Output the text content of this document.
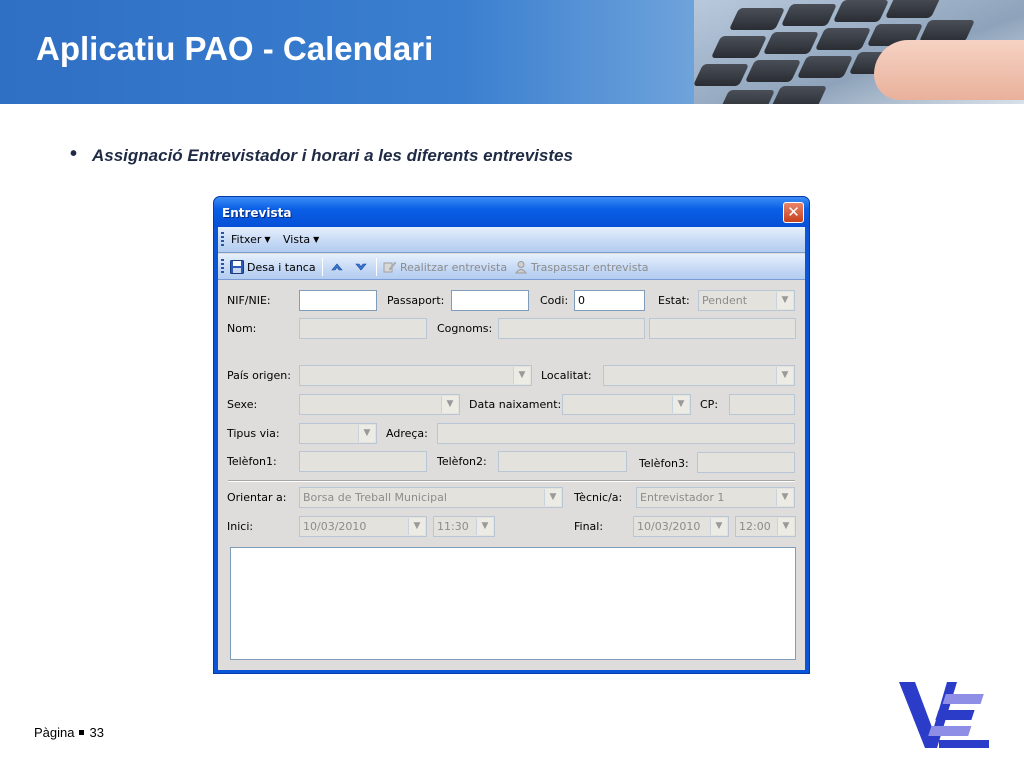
Aplicatiu PAO - Calendari
• Assignació Entrevistador i horari a les diferents entrevistes
Entrevista	✕
Fitxer ▼ Vista ▼
Desa i tanca	Realitzar entrevista	Traspassar entrevista
NIF/NIE:	Passaport:	Codi: 0	Estat:	Pendent	▼
Nom:	Cognoms:
País origen:	▼	Localitat:	▼
Sexe:	▼	Data naixament:	▼	CP:
Tipus via:	▼	Adreça:
Telèfon1:	Telèfon2:	Telèfon3:
Orientar a:	Borsa de Treball Municipal	▼	Tècnic/a:	Entrevistador 1	▼
Inici:	10/03/2010	▼	11:30	▼	Final:	10/03/2010	▼	12:00	▼
Pàgina 33
